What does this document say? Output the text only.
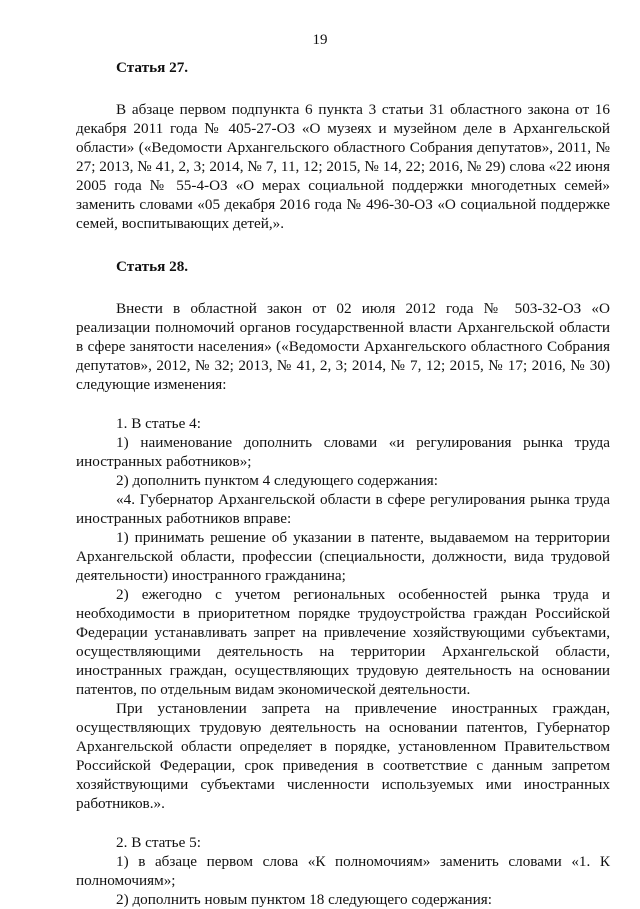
19

Статья 27.

В абзаце первом подпункта 6 пункта 3 статьи 31 областного закона от 16 декабря 2011 года № 405-27-ОЗ «О музеях и музейном деле в Архангельской области» («Ведомости Архангельского областного Собрания депутатов», 2011, № 27; 2013, № 41, 2, 3; 2014, № 7, 11, 12; 2015, № 14, 22; 2016, № 29) слова «22 июня 2005 года № 55-4-ОЗ «О мерах социальной поддержки многодетных семей» заменить словами «05 декабря 2016 года № 496-30-ОЗ «О социальной поддержке семей, воспитывающих детей,».

Статья 28.

Внести в областной закон от 02 июля 2012 года № 503-32-ОЗ «О реализации полномочий органов государственной власти Архангельской области в сфере занятости населения» («Ведомости Архангельского областного Собрания депутатов», 2012, № 32; 2013, № 41, 2, 3; 2014, № 7, 12; 2015, № 17; 2016, № 30) следующие изменения:

1. В статье 4:

1) наименование дополнить словами «и регулирования рынка труда иностранных работников»;

2) дополнить пунктом 4 следующего содержания:

«4. Губернатор Архангельской области в сфере регулирования рынка труда иностранных работников вправе:

1) принимать решение об указании в патенте, выдаваемом на территории Архангельской области, профессии (специальности, должности, вида трудовой деятельности) иностранного гражданина;

2) ежегодно с учетом региональных особенностей рынка труда и необходимости в приоритетном порядке трудоустройства граждан Российской Федерации устанавливать запрет на привлечение хозяйствующими субъектами, осуществляющими деятельность на территории Архангельской области, иностранных граждан, осуществляющих трудовую деятельность на основании патентов, по отдельным видам экономической деятельности.

При установлении запрета на привлечение иностранных граждан, осуществляющих трудовую деятельность на основании патентов, Губернатор Архангельской области определяет в порядке, установленном Правительством Российской Федерации, срок приведения в соответствие с данным запретом хозяйствующими субъектами численности используемых ими иностранных работников.».

2. В статье 5:

1) в абзаце первом слова «К полномочиям» заменить словами «1. К полномочиям»;

2) дополнить новым пунктом 18 следующего содержания:
